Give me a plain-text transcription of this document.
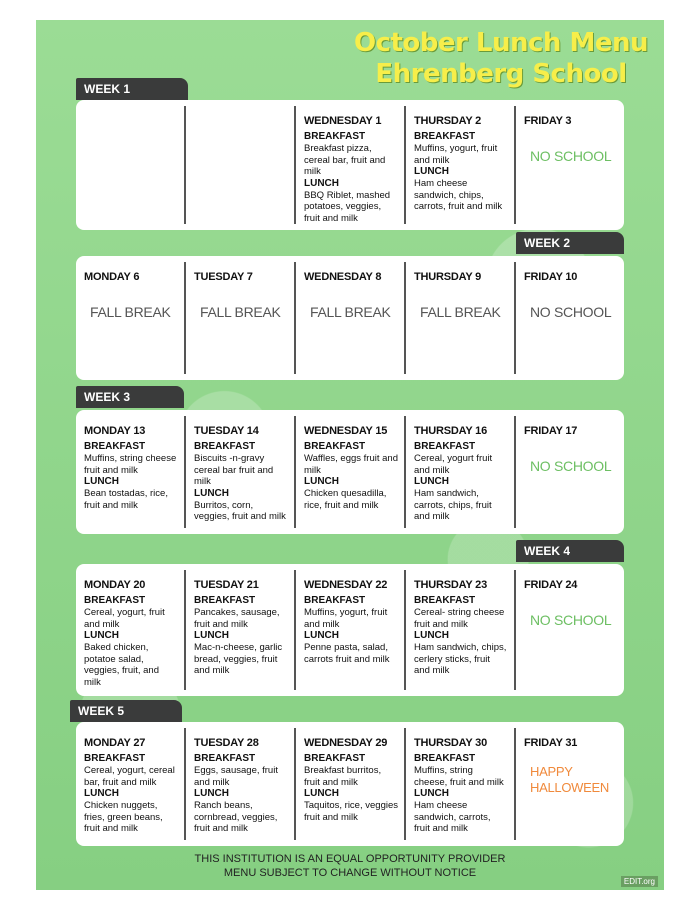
October Lunch Menu
Ehrenberg School
WEEK 1
WEDNESDAY 1
BREAKFAST
Breakfast pizza, cereal bar, fruit and milk
LUNCH
BBQ Riblet, mashed potatoes, veggies, fruit and milk
THURSDAY 2
BREAKFAST
Muffins, yogurt, fruit and milk
LUNCH
Ham cheese sandwich, chips, carrots, fruit and milk
FRIDAY 3
NO SCHOOL
WEEK 2
MONDAY 6
FALL BREAK
TUESDAY 7
FALL BREAK
WEDNESDAY 8
FALL BREAK
THURSDAY 9
FALL BREAK
FRIDAY 10
NO SCHOOL
WEEK 3
MONDAY 13
BREAKFAST
Muffins, string cheese fruit and milk
LUNCH
Bean tostadas, rice, fruit and milk
TUESDAY 14
BREAKFAST
Biscuits -n-gravy cereal bar fruit and milk
LUNCH
Burritos, corn, veggies, fruit and milk
WEDNESDAY 15
BREAKFAST
Waffles, eggs fruit and milk
LUNCH
Chicken quesadilla, rice, fruit and milk
THURSDAY 16
BREAKFAST
Cereal, yogurt fruit and milk
LUNCH
Ham sandwich, carrots, chips, fruit and milk
FRIDAY 17
NO SCHOOL
WEEK 4
MONDAY 20
BREAKFAST
Cereal, yogurt, fruit and milk
LUNCH
Baked chicken, potatoe salad, veggies, fruit, and milk
TUESDAY 21
BREAKFAST
Pancakes, sausage, fruit and milk
LUNCH
Mac-n-cheese, garlic bread, veggies, fruit and milk
WEDNESDAY 22
BREAKFAST
Muffins, yogurt, fruit and milk
LUNCH
Penne pasta, salad, carrots fruit and milk
THURSDAY 23
BREAKFAST
Cereal- string cheese fruit and milk
LUNCH
Ham sandwich, chips, cerlery sticks, fruit and milk
FRIDAY 24
NO SCHOOL
WEEK 5
MONDAY 27
BREAKFAST
Cereal, yogurt, cereal bar, fruit and milk
LUNCH
Chicken nuggets, fries, green beans, fruit and milk
TUESDAY 28
BREAKFAST
Eggs, sausage, fruit and milk
LUNCH
Ranch beans, cornbread, veggies, fruit and milk
WEDNESDAY 29
BREAKFAST
Breakfast burritos, fruit and milk
LUNCH
Taquitos, rice, veggies fruit and milk
THURSDAY 30
BREAKFAST
Muffins, string cheese, fruit and milk
LUNCH
Ham cheese sandwich, carrots, fruit and milk
FRIDAY 31
HAPPY HALLOWEEN
THIS INSTITUTION IS AN EQUAL OPPORTUNITY PROVIDER
MENU SUBJECT TO CHANGE WITHOUT NOTICE
EDIT.org
